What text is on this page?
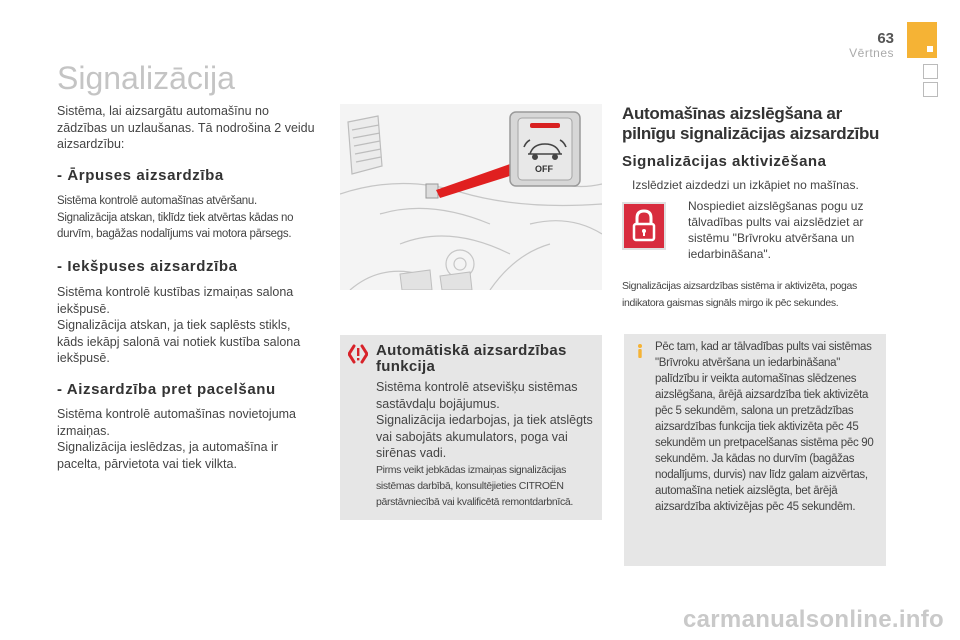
63
Vērtnes
Signalizācija

Sistēma, lai aizsargātu automašīnu no zādzības un uzlaušanas. Tā nodrošina 2 veidu aizsardzību:

- Ārpuses aizsardzība

Sistēma kontrolē automašīnas atvēršanu.

Signalizācija atskan, tiklīdz tiek atvērtas kādas no durvīm, bagāžas nodalījums vai motora pārsegs.

- Iekšpuses aizsardzība

Sistēma kontrolē kustības izmaiņas salona iekšpusē.

Signalizācija atskan, ja tiek saplēsts stikls, kāds iekāpj salonā vai notiek kustība salona iekšpusē.

- Aizsardzība pret pacelšanu

Sistēma kontrolē automašīnas novietojuma izmaiņas.

Signalizācija ieslēdzas, ja automašīna ir pacelta, pārvietota vai tiek vilkta.

OFF
Automātiskā aizsardzības funkcija

Sistēma kontrolē atsevišķu sistēmas sastāvdaļu bojājumus.

Signalizācija iedarbojas, ja tiek atslēgts vai sabojāts akumulators, poga vai sirēnas vadi.

Pirms veikt jebkādas izmaiņas signalizācijas sistēmas darbībā, konsultējieties CITROËN pārstāvniecībā vai kvalificētā remontdarbnīcā.

Automašīnas aizslēgšana ar pilnīgu signalizācijas aizsardzību
Signalizācijas aktivizēšana
Izslēdziet aizdedzi un izkāpiet no mašīnas.
Nospiediet aizslēgšanas pogu uz tālvadības pults vai aizslēdziet ar sistēmu "Brīvroku atvēršana un iedarbināšana".

Signalizācijas aizsardzības sistēma ir aktivizēta, pogas indikatora gaismas signāls mirgo ik pēc sekundes.

Pēc tam, kad ar tālvadības pults vai sistēmas "Brīvroku atvēršana un iedarbināšana" palīdzību ir veikta automašīnas slēdzenes aizslēgšana, ārējā aizsardzība tiek aktivizēta pēc 5 sekundēm, salona un pretzādzības aizsardzības funkcija tiek aktivizēta pēc 45 sekundēm un pretpacelšanas sistēma pēc 90 sekundēm. Ja kādas no durvīm (bagāžas nodalījums, durvis) nav līdz galam aizvērtas, automašīna netiek aizslēgta, bet ārējā aizsardzība aktivizējas pēc 45 sekundēm.

carmanualsonline.info
